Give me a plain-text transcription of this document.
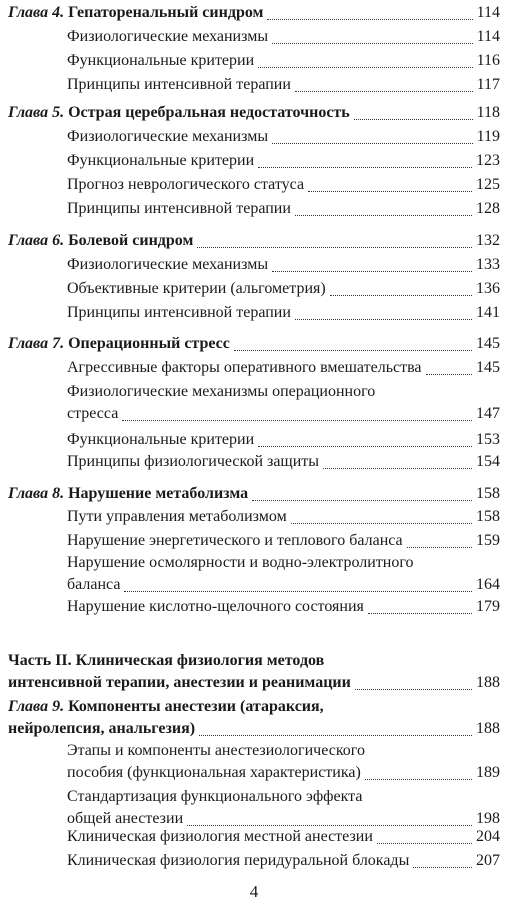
Глава 4. Гепаторенальный синдром	114
Физиологические механизмы	114
Функциональные критерии	116
Принципы интенсивной терапии	117
Глава 5. Острая церебральная недостаточность	118
Физиологические механизмы	119
Функциональные критерии	123
Прогноз неврологического статуса	125
Принципы интенсивной терапии	128
Глава 6. Болевой синдром	132
Физиологические механизмы	133
Объективные критерии (альгометрия)	136
Принципы интенсивной терапии	141
Глава 7. Операционный стресс	145
Агрессивные факторы оперативного вмешательства	145
Физиологические механизмы операционного
стресса	147
Функциональные критерии	153
Принципы физиологической защиты	154
Глава 8. Нарушение метаболизма	158
Пути управления метаболизмом	158
Нарушение энергетического и теплового баланса	159
Нарушение осмолярности и водно-электролитного
баланса	164
Нарушение кислотно-щелочного состояния	179
Часть II. Клиническая физиология методов
интенсивной терапии, анестезии и реанимации	188
Глава 9. Компоненты анестезии (атараксия,
нейролепсия, анальгезия)	188
Этапы и компоненты анестезиологического
пособия (функциональная характеристика)	189
Стандартизация функционального эффекта
общей анестезии	198
Клиническая физиология местной анестезии	204
Клиническая физиология перидуральной блокады	207
4
